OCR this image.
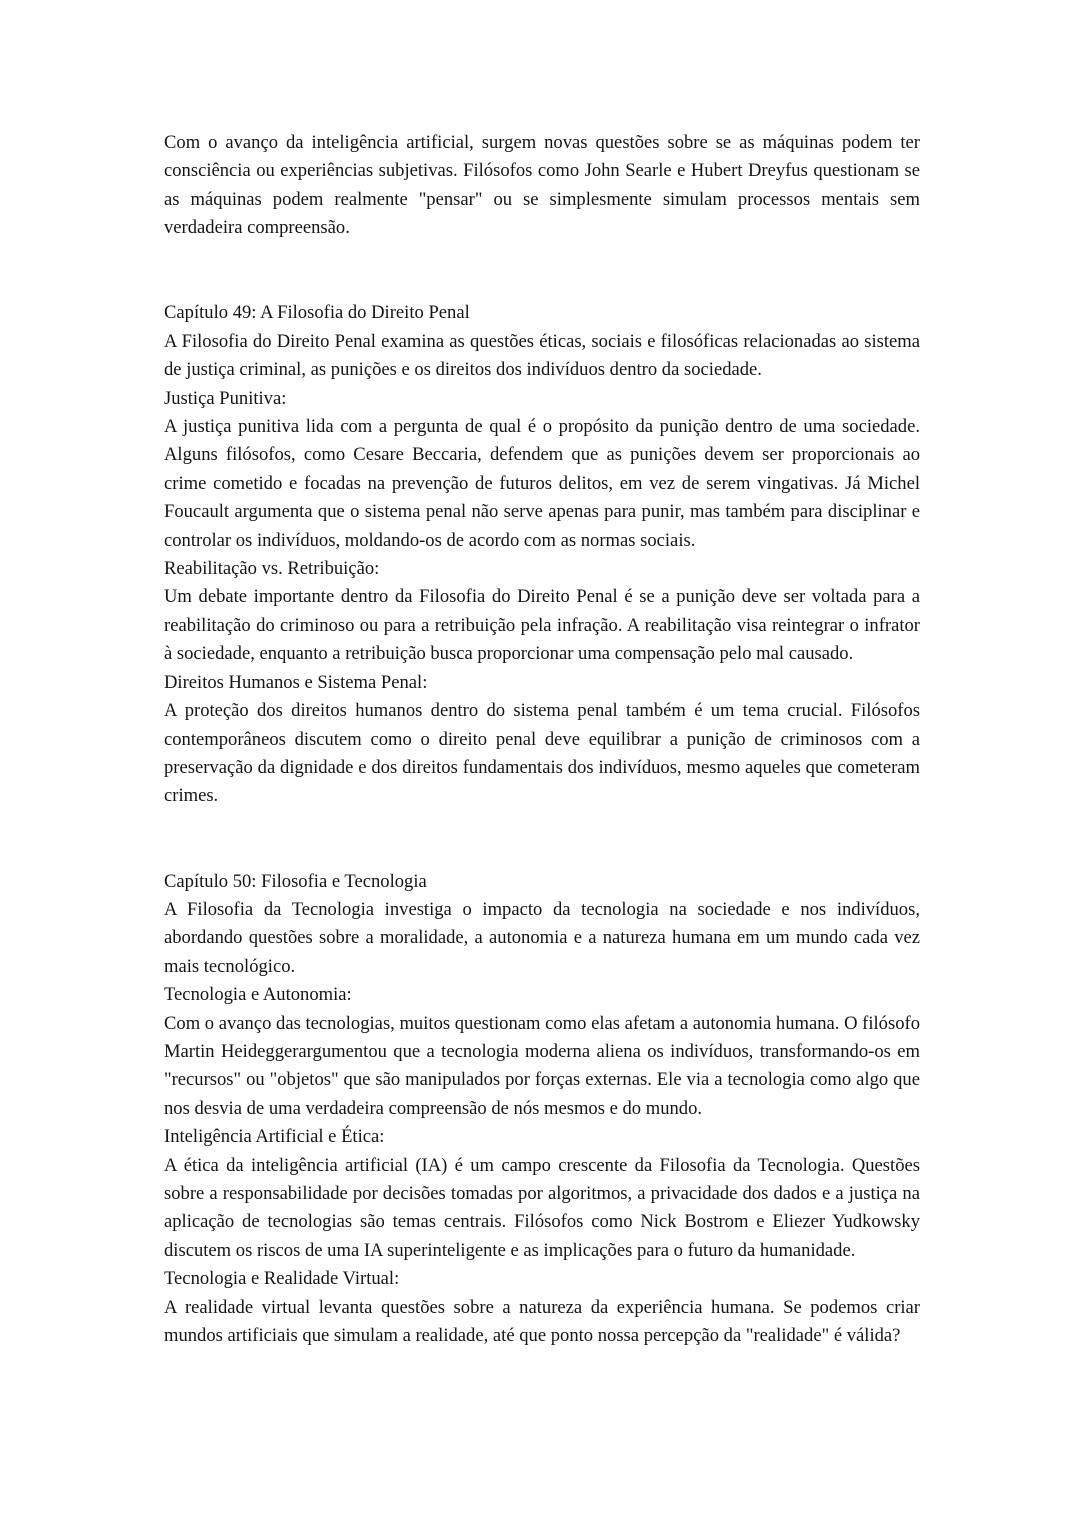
Com o avanço da inteligência artificial, surgem novas questões sobre se as máquinas podem ter consciência ou experiências subjetivas. Filósofos como John Searle e Hubert Dreyfus questionam se as máquinas podem realmente "pensar" ou se simplesmente simulam processos mentais sem verdadeira compreensão.

Capítulo 49: A Filosofia do Direito Penal

A Filosofia do Direito Penal examina as questões éticas, sociais e filosóficas relacionadas ao sistema de justiça criminal, as punições e os direitos dos indivíduos dentro da sociedade.

Justiça Punitiva:

A justiça punitiva lida com a pergunta de qual é o propósito da punição dentro de uma sociedade. Alguns filósofos, como Cesare Beccaria, defendem que as punições devem ser proporcionais ao crime cometido e focadas na prevenção de futuros delitos, em vez de serem vingativas. Já Michel Foucault argumenta que o sistema penal não serve apenas para punir, mas também para disciplinar e controlar os indivíduos, moldando-os de acordo com as normas sociais.

Reabilitação vs. Retribuição:

Um debate importante dentro da Filosofia do Direito Penal é se a punição deve ser voltada para a reabilitação do criminoso ou para a retribuição pela infração. A reabilitação visa reintegrar o infrator à sociedade, enquanto a retribuição busca proporcionar uma compensação pelo mal causado.

Direitos Humanos e Sistema Penal:

A proteção dos direitos humanos dentro do sistema penal também é um tema crucial. Filósofos contemporâneos discutem como o direito penal deve equilibrar a punição de criminosos com a preservação da dignidade e dos direitos fundamentais dos indivíduos, mesmo aqueles que cometeram crimes.

Capítulo 50: Filosofia e Tecnologia

A Filosofia da Tecnologia investiga o impacto da tecnologia na sociedade e nos indivíduos, abordando questões sobre a moralidade, a autonomia e a natureza humana em um mundo cada vez mais tecnológico.

Tecnologia e Autonomia:

Com o avanço das tecnologias, muitos questionam como elas afetam a autonomia humana. O filósofo Martin Heideggerargumentou que a tecnologia moderna aliena os indivíduos, transformando-os em "recursos" ou "objetos" que são manipulados por forças externas. Ele via a tecnologia como algo que nos desvia de uma verdadeira compreensão de nós mesmos e do mundo.

Inteligência Artificial e Ética:

A ética da inteligência artificial (IA) é um campo crescente da Filosofia da Tecnologia. Questões sobre a responsabilidade por decisões tomadas por algoritmos, a privacidade dos dados e a justiça na aplicação de tecnologias são temas centrais. Filósofos como Nick Bostrom e Eliezer Yudkowsky discutem os riscos de uma IA superinteligente e as implicações para o futuro da humanidade.

Tecnologia e Realidade Virtual:

A realidade virtual levanta questões sobre a natureza da experiência humana. Se podemos criar mundos artificiais que simulam a realidade, até que ponto nossa percepção da "realidade" é válida?
